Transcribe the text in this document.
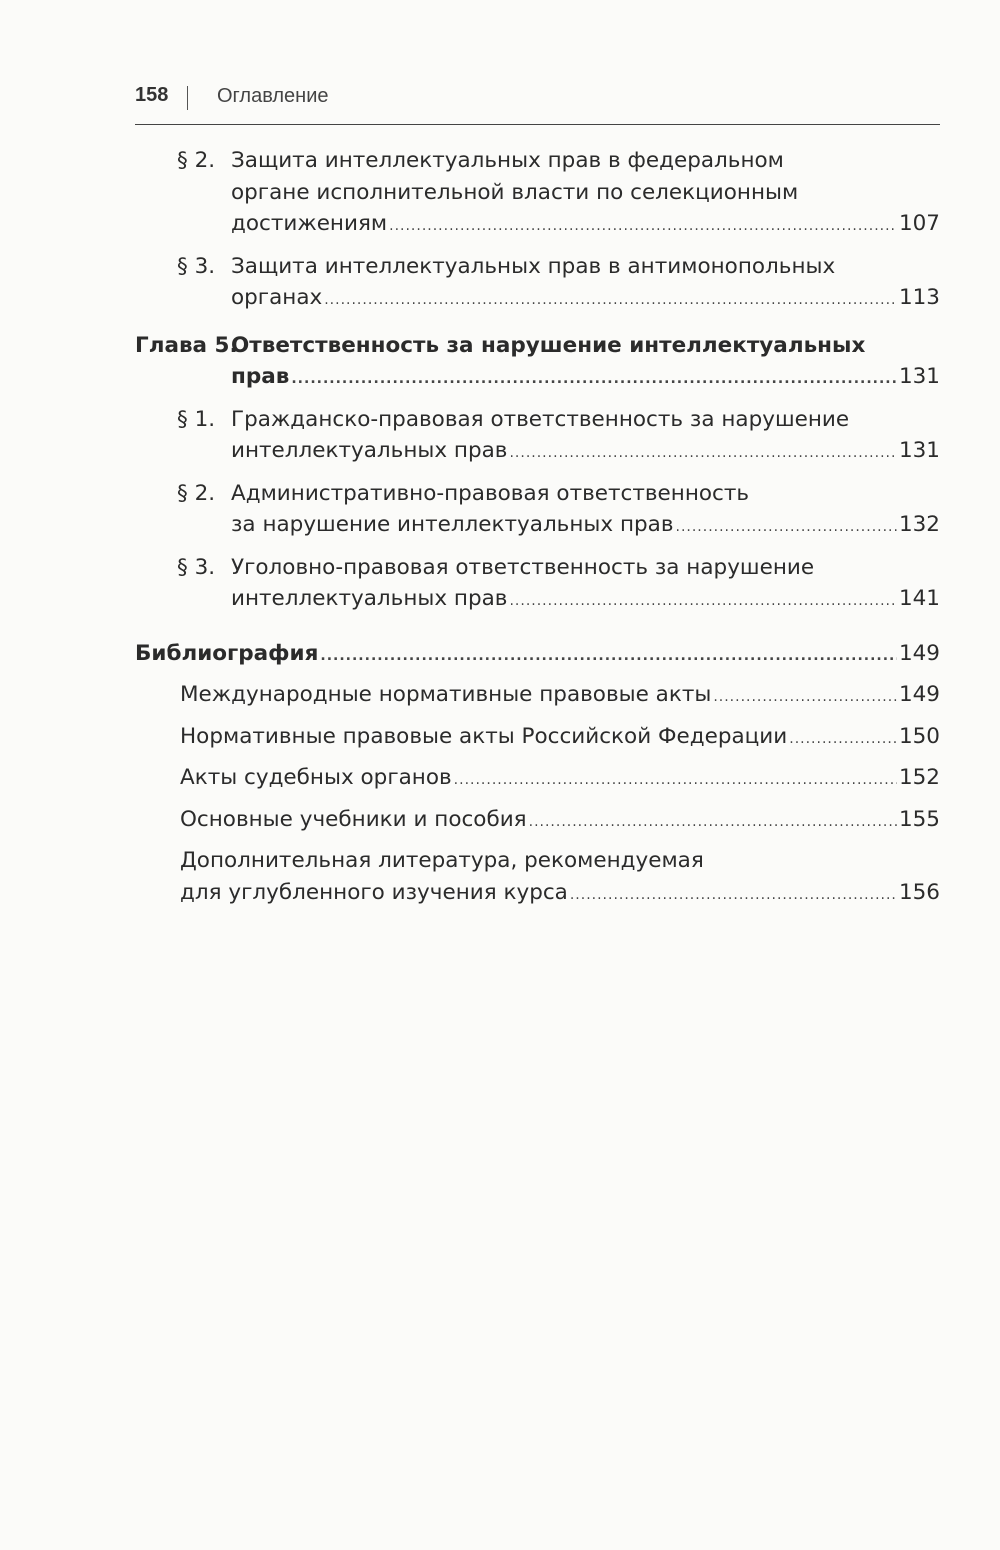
158 Оглавление
§ 2. Защита интеллектуальных прав в федеральном
органе исполнительной власти по селекционным
достижениям .....	107
§ 3. Защита интеллектуальных прав в антимонопольных
органах .....	113
Глава 5.
Ответственность за нарушение интеллектуальных
прав .....	131
§ 1. Гражданско-правовая ответственность за нарушение
интеллектуальных прав .....	131
§ 2. Административно-правовая ответственность
за нарушение интеллектуальных прав .....	132
§ 3. Уголовно-правовая ответственность за нарушение
интеллектуальных прав .....	141
Библиография .....	149
Международные нормативные правовые акты .....	149
Нормативные правовые акты Российской Федерации .....	150
Акты судебных органов .....	152
Основные учебники и пособия .....	155
Дополнительная литература, рекомендуемая
для углубленного изучения курса .....	156
